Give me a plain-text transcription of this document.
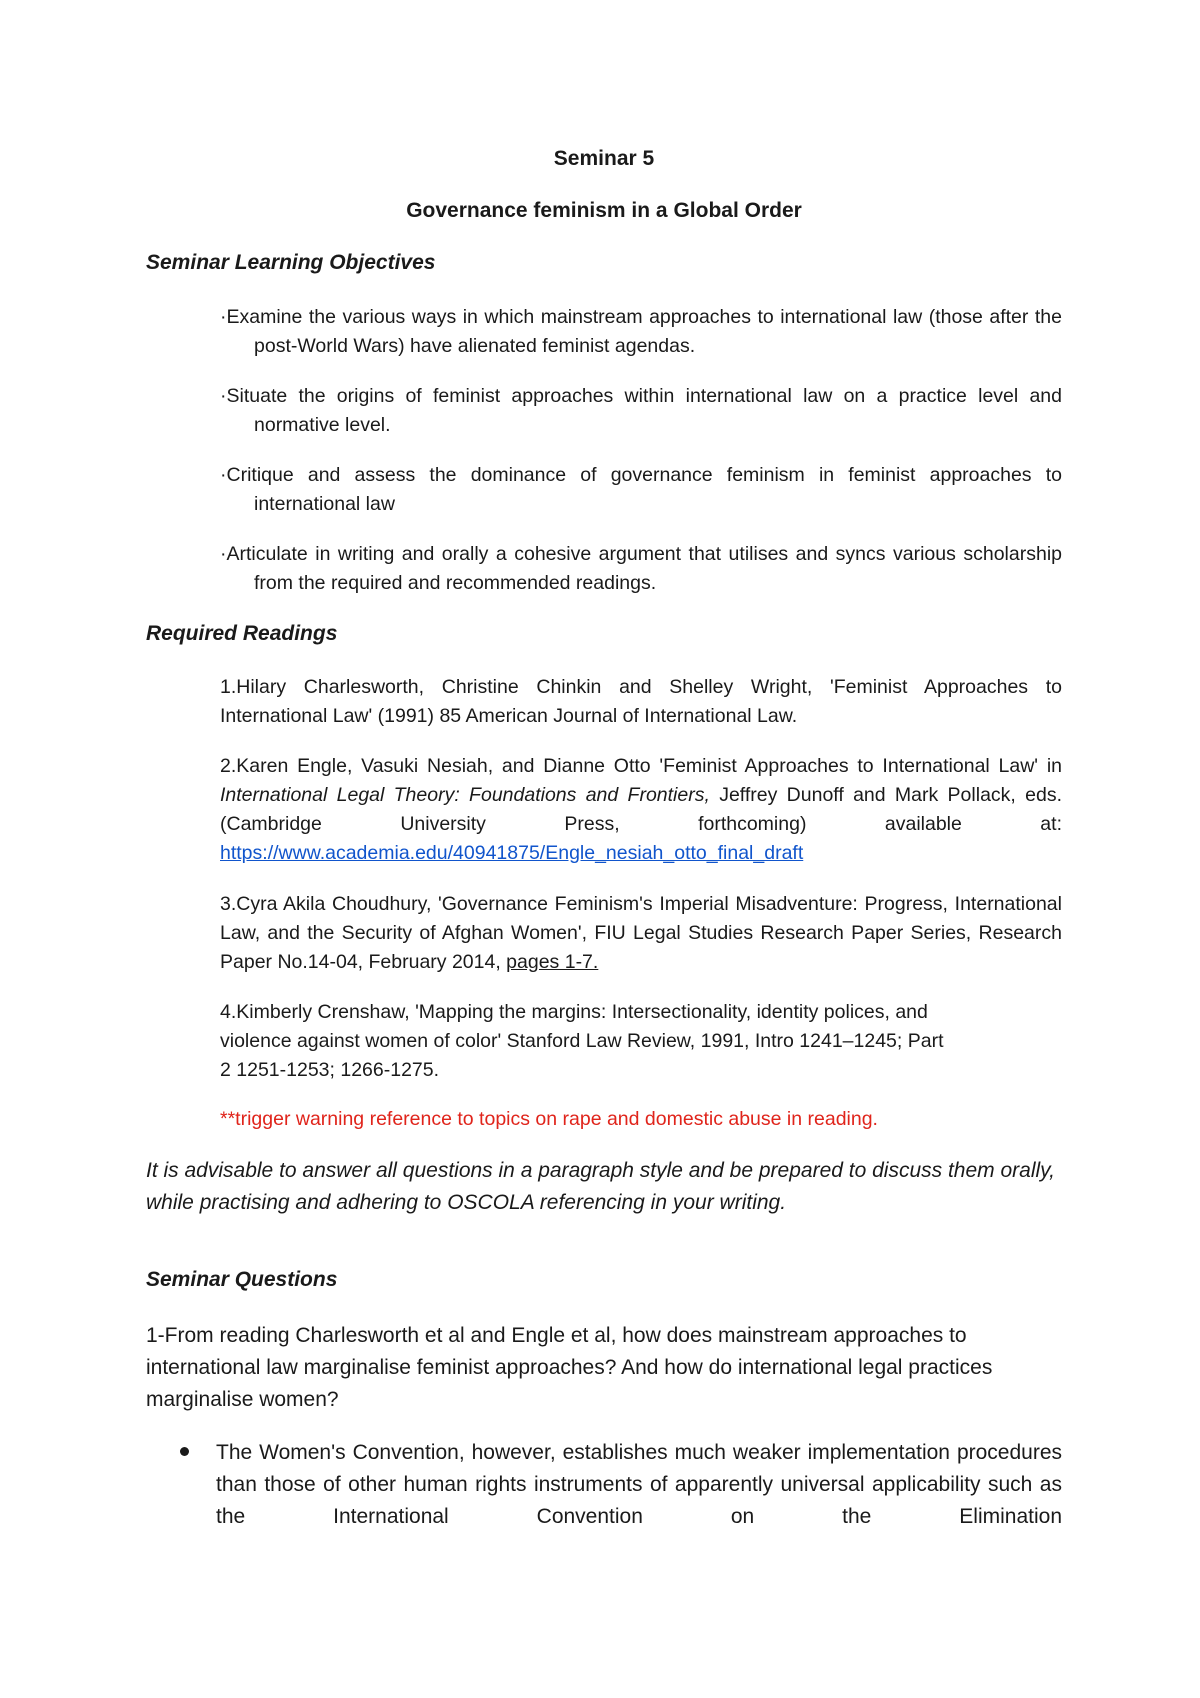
Seminar 5
Governance feminism in a Global Order
Seminar Learning Objectives
·Examine the various ways in which mainstream approaches to international law (those after the post-World Wars) have alienated feminist agendas.
·Situate the origins of feminist approaches within international law on a practice level and normative level.
·Critique and assess the dominance of governance feminism in feminist approaches to international law
·Articulate in writing and orally a cohesive argument that utilises and syncs various scholarship from the required and recommended readings.
Required Readings
1.Hilary Charlesworth, Christine Chinkin and Shelley Wright, 'Feminist Approaches to International Law' (1991) 85 American Journal of International Law.
2.Karen Engle, Vasuki Nesiah, and Dianne Otto 'Feminist Approaches to International Law' in International Legal Theory: Foundations and Frontiers, Jeffrey Dunoff and Mark Pollack, eds. (Cambridge University Press, forthcoming) available at: https://www.academia.edu/40941875/Engle_nesiah_otto_final_draft
3.Cyra Akila Choudhury, 'Governance Feminism's Imperial Misadventure: Progress, International Law, and the Security of Afghan Women', FIU Legal Studies Research Paper Series, Research Paper No.14-04, February 2014, pages 1-7.
4.Kimberly Crenshaw, 'Mapping the margins: Intersectionality, identity polices, and
violence against women of color' Stanford Law Review, 1991, Intro 1241–1245; Part
2 1251-1253; 1266-1275.
**trigger warning reference to topics on rape and domestic abuse in reading.
It is advisable to answer all questions in a paragraph style and be prepared to discuss them orally, while practising and adhering to OSCOLA referencing in your writing.
Seminar Questions
1-From reading Charlesworth et al and Engle et al, how does mainstream approaches to international law marginalise feminist approaches? And how do international legal practices marginalise women?
The Women's Convention, however, establishes much weaker implementation procedures than those of other human rights instruments of apparently universal applicability such as the International Convention on the Elimination
